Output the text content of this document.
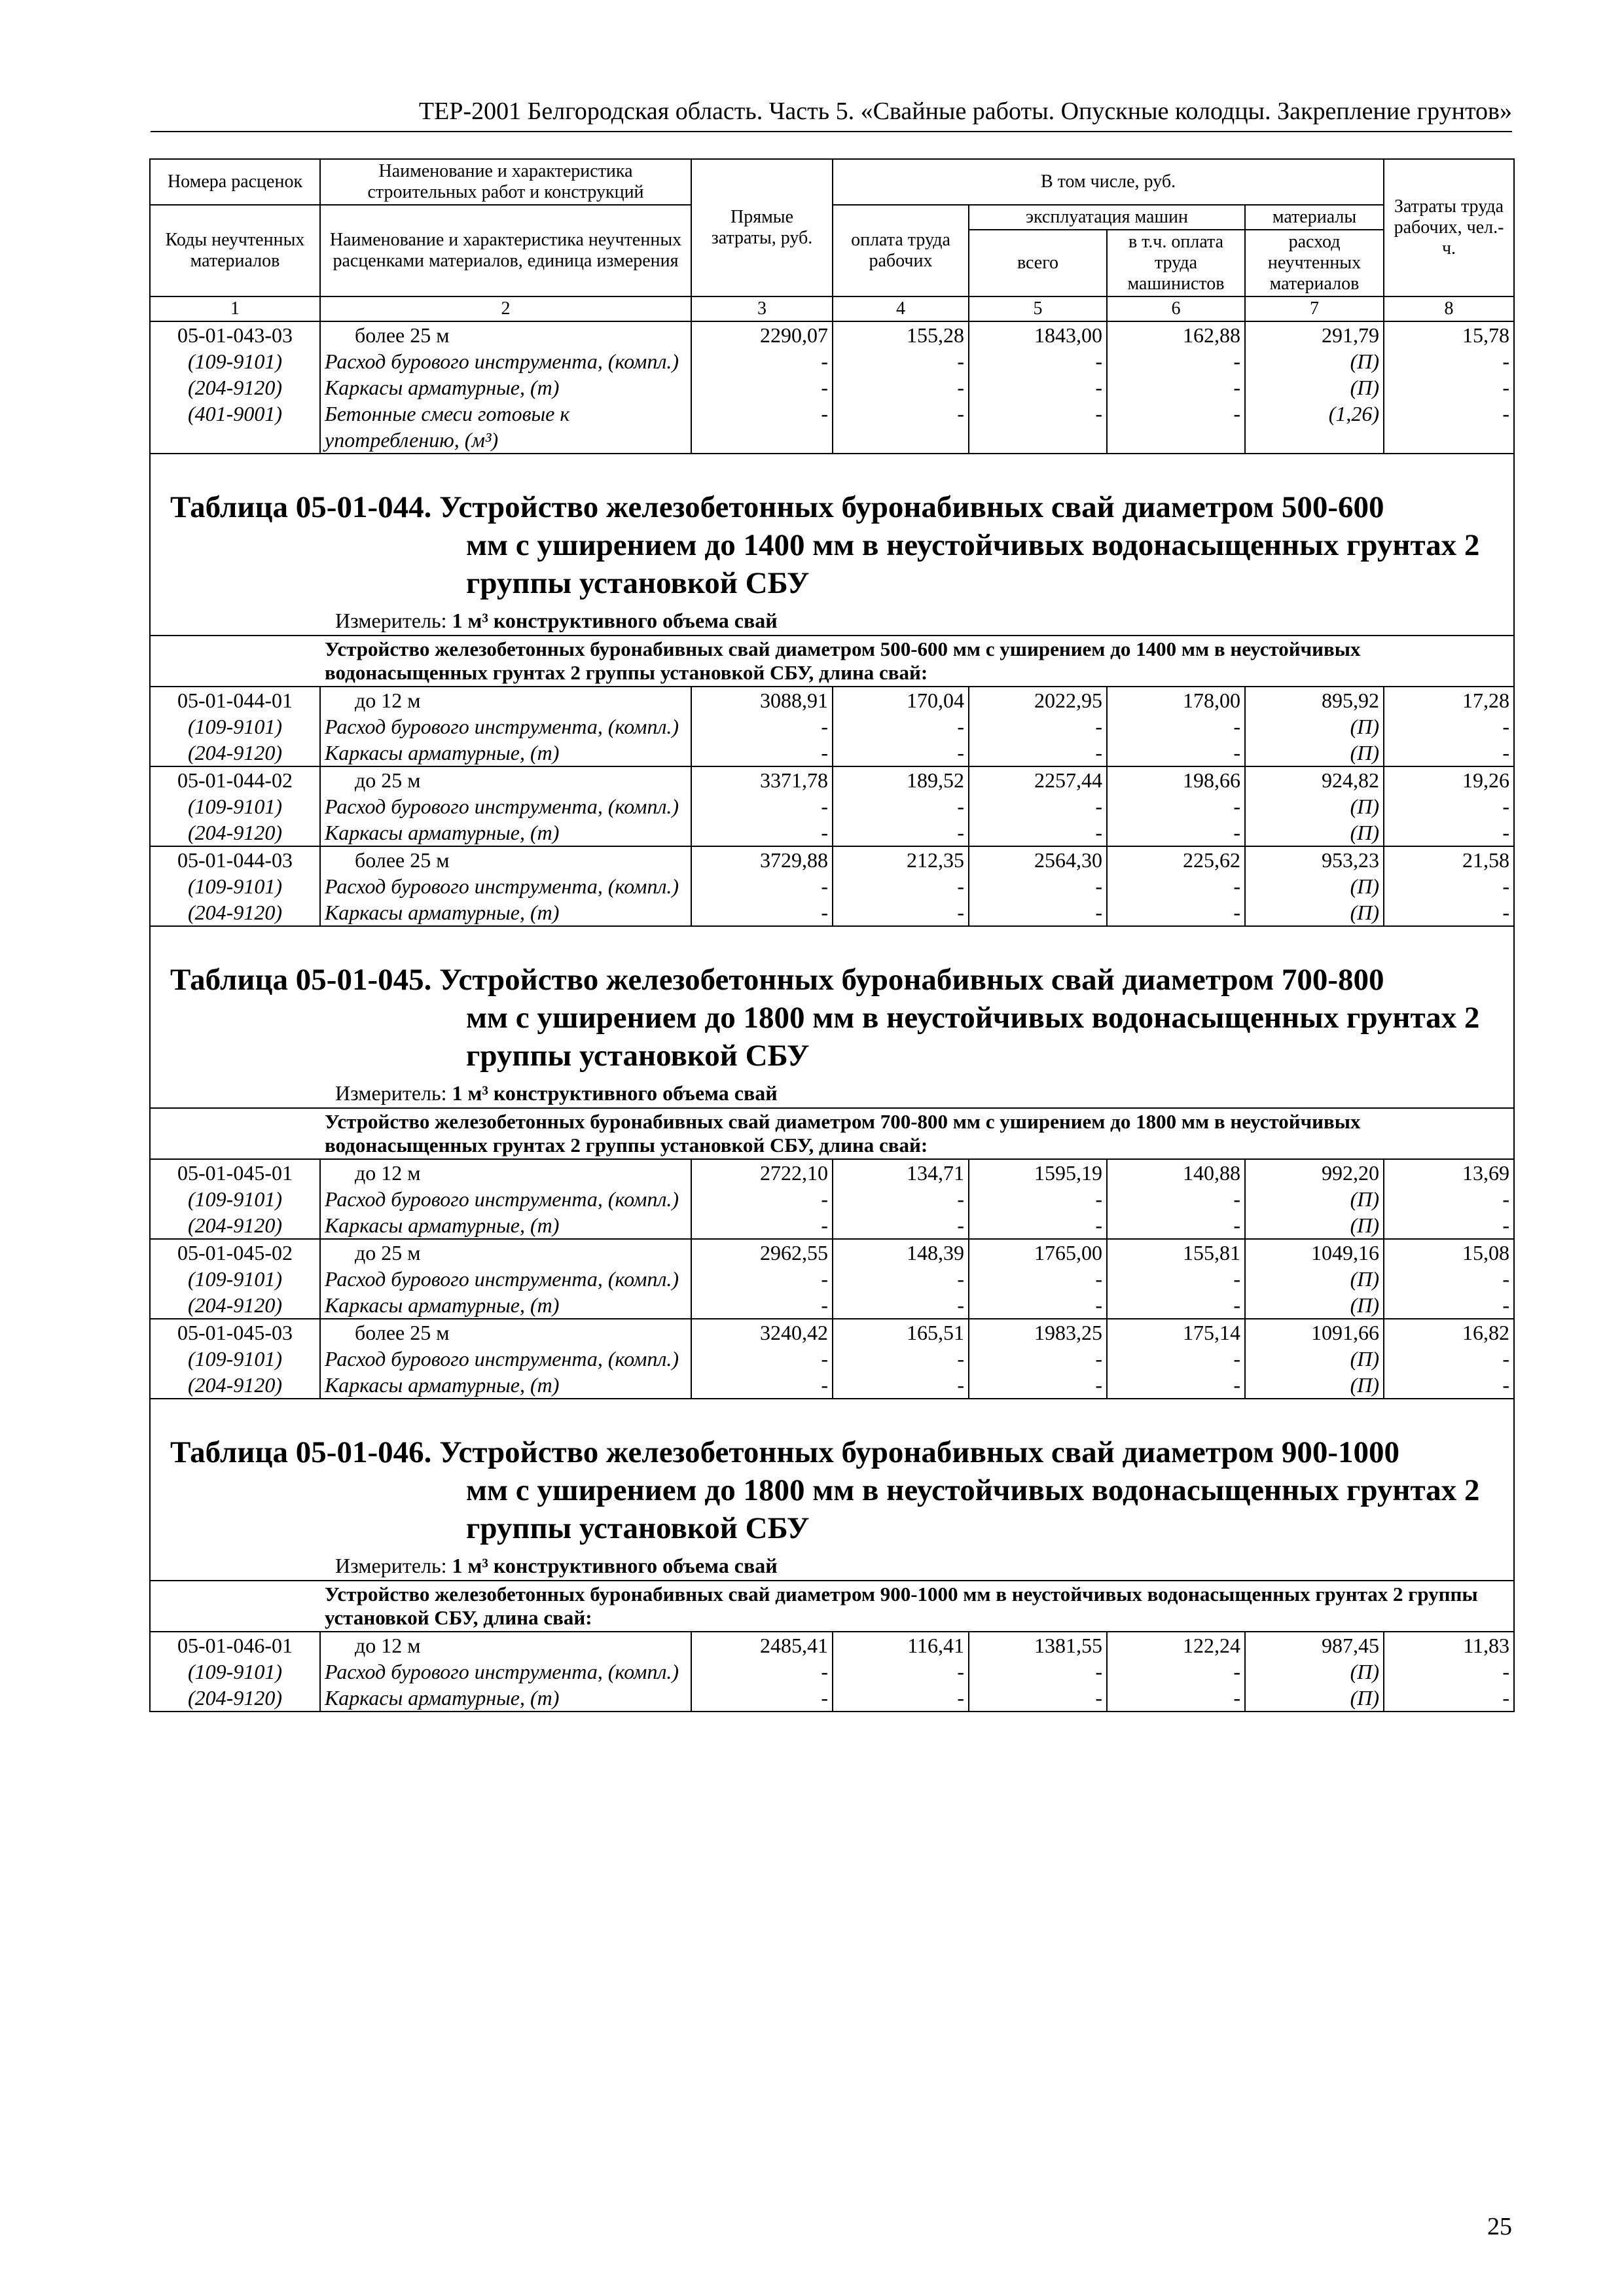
ТЕР-2001 Белгородская область. Часть 5. «Свайные работы. Опускные колодцы. Закрепление грунтов»
Номера расценок	Наименование и характеристика строительных работ и конструкций	Прямые затраты, руб.	В том числе, руб.				Затраты труда рабочих, чел.-ч.
Коды неучтенных материалов	Наименование и характеристика неучтенных расценками материалов, единица измерения		оплата труда рабочих	эксплуатация машин		материалы	
				всего	в т.ч. оплата труда машинистов	расход неучтенных материалов	
1	2	3	4	5	6	7	8
05-01-043-03	более 25 м	2290,07	155,28	1843,00	162,88	291,79	15,78
(109-9101)	Расход бурового инструмента, (компл.)	-	-	-	-	(П)	-
(204-9120)	Каркасы арматурные, (т)	-	-	-	-	(П)	-
(401-9001)	Бетонные смеси готовые к употреблению, (м³)	-	-	-	-	(1,26)	-

Таблица 05-01-044. Устройство железобетонных буронабивных свай диаметром 500-600
мм с уширением до 1400 мм в неустойчивых водонасыщенных грунтах 2 группы установкой СБУ
Измеритель: 1 м³ конструктивного объема свай							

Устройство железобетонных буронабивных свай диаметром 500-600 мм с уширением до 1400 мм в неустойчивых водонасыщенных грунтах 2 группы установкой СБУ, длина свай:							
05-01-044-01	до 12 м	3088,91	170,04	2022,95	178,00	895,92	17,28
(109-9101)	Расход бурового инструмента, (компл.)	-	-	-	-	(П)	-
(204-9120)	Каркасы арматурные, (т)	-	-	-	-	(П)	-
05-01-044-02	до 25 м	3371,78	189,52	2257,44	198,66	924,82	19,26
(109-9101)	Расход бурового инструмента, (компл.)	-	-	-	-	(П)	-
(204-9120)	Каркасы арматурные, (т)	-	-	-	-	(П)	-
05-01-044-03	более 25 м	3729,88	212,35	2564,30	225,62	953,23	21,58
(109-9101)	Расход бурового инструмента, (компл.)	-	-	-	-	(П)	-
(204-9120)	Каркасы арматурные, (т)	-	-	-	-	(П)	-

Таблица 05-01-045. Устройство железобетонных буронабивных свай диаметром 700-800
мм с уширением до 1800 мм в неустойчивых водонасыщенных грунтах 2 группы установкой СБУ
Измеритель: 1 м³ конструктивного объема свай							

Устройство железобетонных буронабивных свай диаметром 700-800 мм с уширением до 1800 мм в неустойчивых водонасыщенных грунтах 2 группы установкой СБУ, длина свай:							
05-01-045-01	до 12 м	2722,10	134,71	1595,19	140,88	992,20	13,69
(109-9101)	Расход бурового инструмента, (компл.)	-	-	-	-	(П)	-
(204-9120)	Каркасы арматурные, (т)	-	-	-	-	(П)	-
05-01-045-02	до 25 м	2962,55	148,39	1765,00	155,81	1049,16	15,08
(109-9101)	Расход бурового инструмента, (компл.)	-	-	-	-	(П)	-
(204-9120)	Каркасы арматурные, (т)	-	-	-	-	(П)	-
05-01-045-03	более 25 м	3240,42	165,51	1983,25	175,14	1091,66	16,82
(109-9101)	Расход бурового инструмента, (компл.)	-	-	-	-	(П)	-
(204-9120)	Каркасы арматурные, (т)	-	-	-	-	(П)	-

Таблица 05-01-046. Устройство железобетонных буронабивных свай диаметром 900-1000
мм с уширением до 1800 мм в неустойчивых водонасыщенных грунтах 2 группы установкой СБУ
Измеритель: 1 м³ конструктивного объема свай							

Устройство железобетонных буронабивных свай диаметром 900-1000 мм в неустойчивых водонасыщенных грунтах 2 группы установкой СБУ, длина свай:							
05-01-046-01	до 12 м	2485,41	116,41	1381,55	122,24	987,45	11,83
(109-9101)	Расход бурового инструмента, (компл.)	-	-	-	-	(П)	-
(204-9120)	Каркасы арматурные, (т)	-	-	-	-	(П)	-
25
